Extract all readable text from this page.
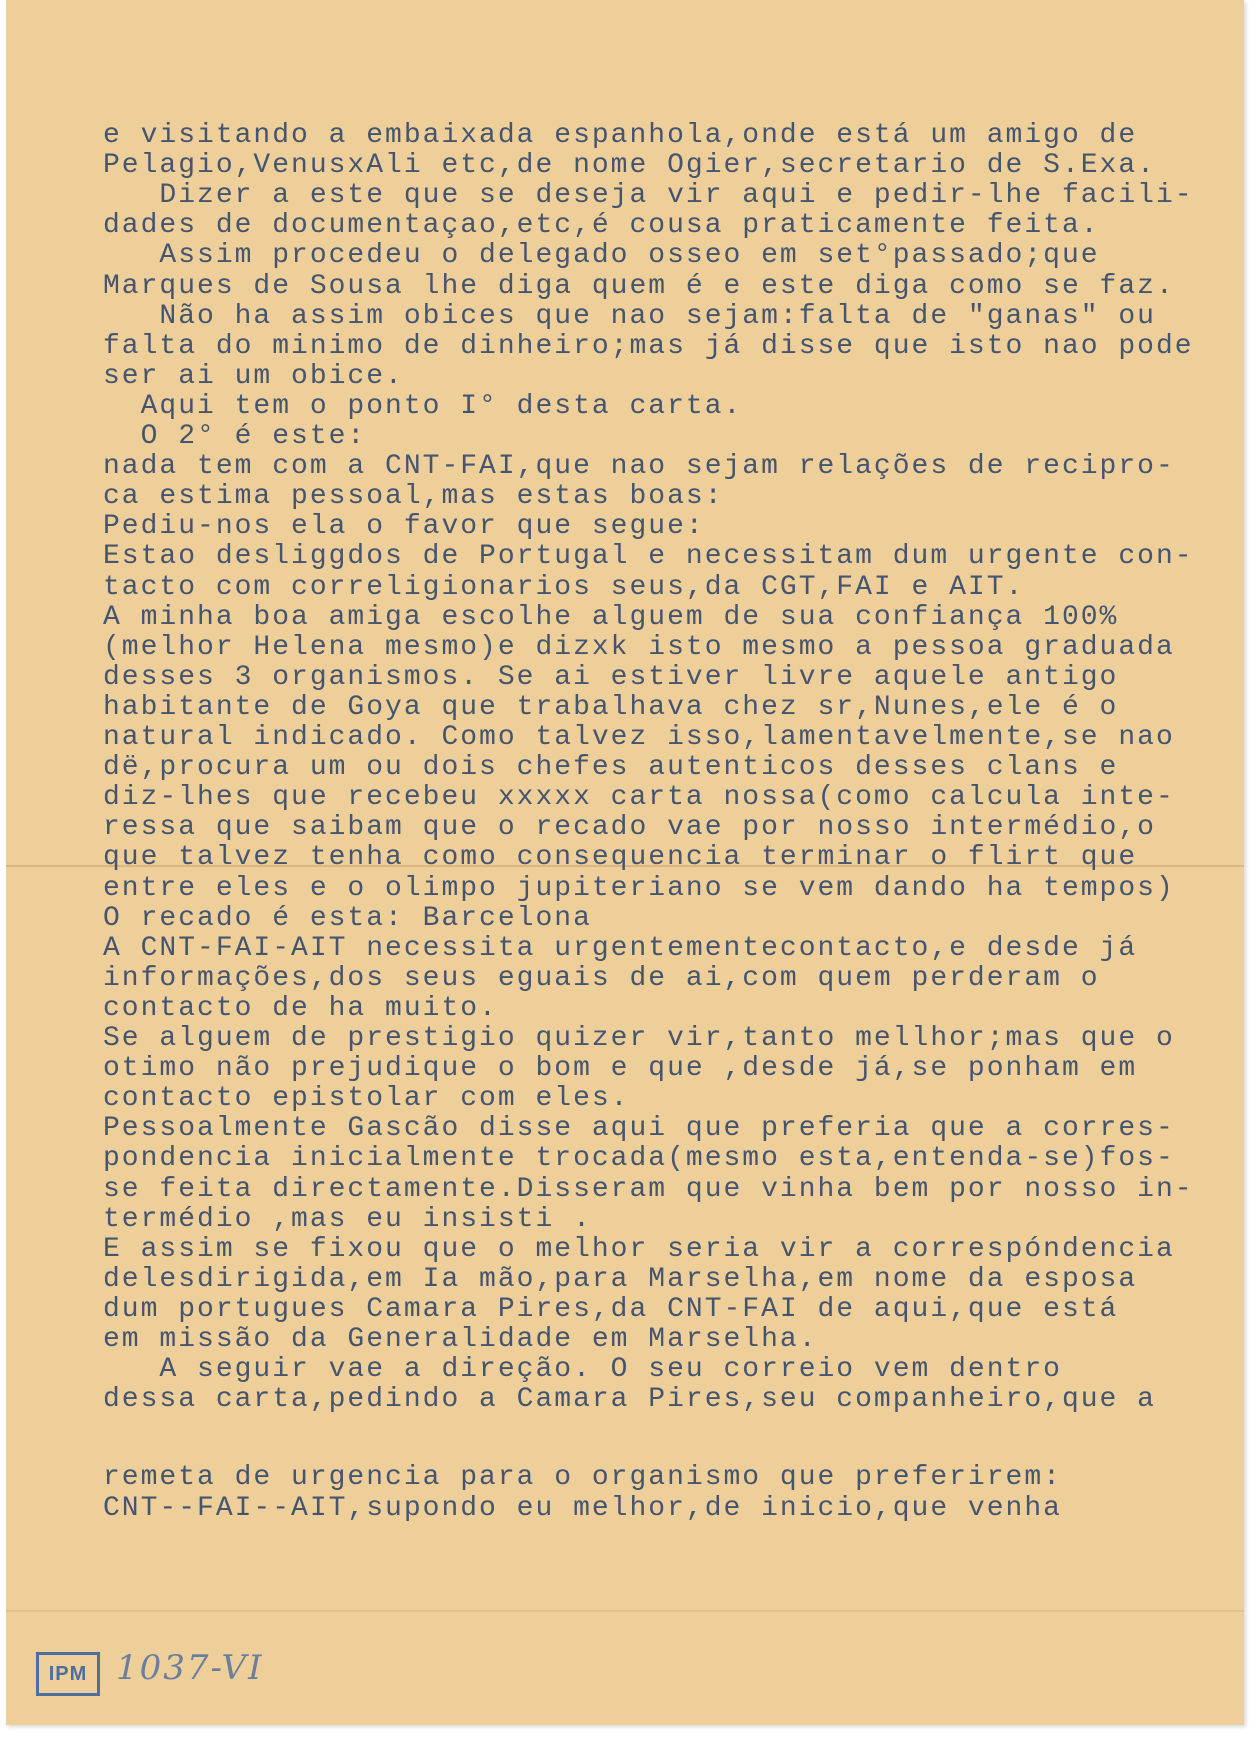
e visitando a embaixada espanhola,onde está um amigo de

Pelagio,VenusxAli etc,de nome Ogier,secretario de S.Exa.

Dizer a este que se deseja vir aqui e pedir-lhe facili-

dades de documentaçao,etc,é cousa praticamente feita.

Assim procedeu o delegado osseo em set°passado;que

Marques de Sousa lhe diga quem é e este diga como se faz.

Não ha assim obices que nao sejam:falta de "ganas" ou

falta do minimo de dinheiro;mas já disse que isto nao pode

ser ai um obice.

Aqui tem o ponto I° desta carta.

O 2° é este:

nada tem com a CNT-FAI,que nao sejam relações de recipro-

ca estima pessoal,mas estas boas:

Pediu-nos ela o favor que segue:

Estao desliggdos de Portugal e necessitam dum urgente con-

tacto com correligionarios seus,da CGT,FAI e AIT.

A minha boa amiga escolhe alguem de sua confiança 100%

(melhor Helena mesmo)e dizxk isto mesmo a pessoa graduada

desses 3 organismos. Se ai estiver livre aquele antigo

habitante de Goya que trabalhava chez sr,Nunes,ele é o

natural indicado. Como talvez isso,lamentavelmente,se nao

dë,procura um ou dois chefes autenticos desses clans e

diz-lhes que recebeu xxxxx carta nossa(como calcula inte-

ressa que saibam que o recado vae por nosso intermédio,o

que talvez tenha como consequencia terminar o flirt que

entre eles e o olimpo jupiteriano se vem dando ha tempos)

O recado é esta: Barcelona

A CNT-FAI-AIT necessita urgentementecontacto,e desde já

informações,dos seus eguais de ai,com quem perderam o

contacto de ha muito.

Se alguem de prestigio quizer vir,tanto mellhor;mas que o

otimo não prejudique o bom e que ,desde já,se ponham em

contacto epistolar com eles.

Pessoalmente Gascão disse aqui que preferia que a corres-

pondencia inicialmente trocada(mesmo esta,entenda-se)fos-

se feita directamente.Disseram que vinha bem por nosso in-

termédio ,mas eu insisti .

E assim se fixou que o melhor seria vir a correspóndencia

delesdirigida,em Ia mão,para Marselha,em nome da esposa

dum portugues Camara Pires,da CNT-FAI de aqui,que está

em missão da Generalidade em Marselha.

A seguir vae a direção. O seu correio vem dentro

dessa carta,pedindo a Camara Pires,seu companheiro,que a

remeta de urgencia para o organismo que preferirem:

CNT--FAI--AIT,supondo eu melhor,de inicio,que venha

IPM 1037-VI
